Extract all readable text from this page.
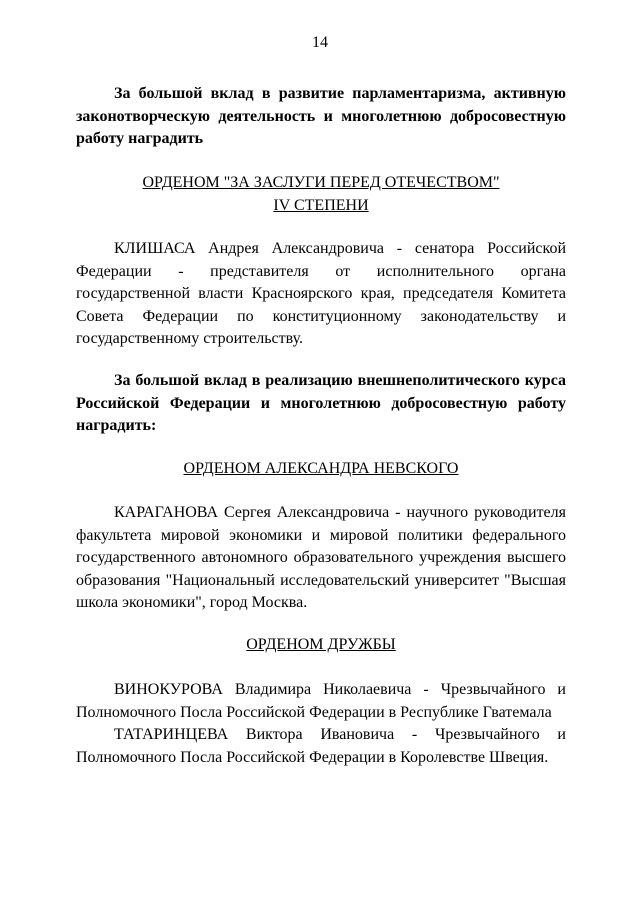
14
За большой вклад в развитие парламентаризма, активную законотворческую деятельность и многолетнюю добросовестную работу наградить
ОРДЕНОМ "ЗА ЗАСЛУГИ ПЕРЕД ОТЕЧЕСТВОМ"
IV СТЕПЕНИ

КЛИШАСА Андрея Александровича - сенатора Российской Федерации - представителя от исполнительного органа государственной власти Красноярского края, председателя Комитета Совета Федерации по конституционному законодательству и государственному строительству.

За большой вклад в реализацию внешнеполитического курса Российской Федерации и многолетнюю добросовестную работу наградить:
ОРДЕНОМ АЛЕКСАНДРА НЕВСКОГО

КАРАГАНОВА Сергея Александровича - научного руководителя факультета мировой экономики и мировой политики федерального государственного автономного образовательного учреждения высшего образования "Национальный исследовательский университет "Высшая школа экономики", город Москва.

ОРДЕНОМ ДРУЖБЫ

ВИНОКУРОВА Владимира Николаевича - Чрезвычайного и Полномочного Посла Российской Федерации в Республике Гватемала

ТАТАРИНЦЕВА Виктора Ивановича - Чрезвычайного и Полномочного Посла Российской Федерации в Королевстве Швеция.
